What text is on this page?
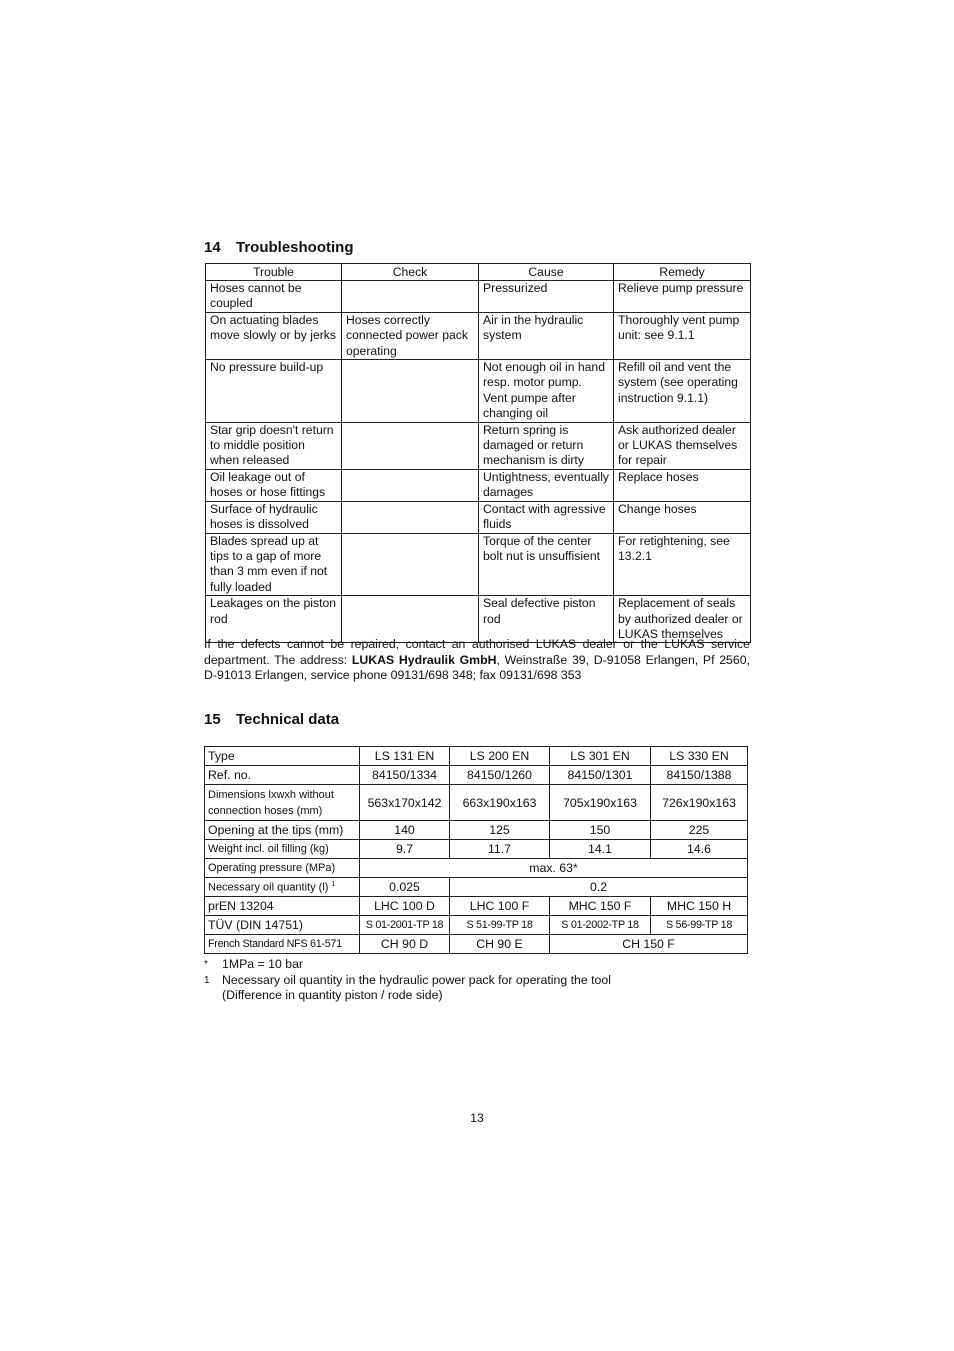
14 Troubleshooting
Trouble	Check	Cause	Remedy
Hoses cannot be coupled		Pressurized	Relieve pump pressure
On actuating blades move slowly or by jerks	Hoses correctly connected power pack operating	Air in the hydraulic system	Thoroughly vent pump unit: see 9.1.1
No pressure build-up		Not enough oil in hand resp. motor pump. Vent pumpe after changing oil	Refill oil and vent the system (see operating instruction 9.1.1)
Star grip doesn't return to middle position when released		Return spring is damaged or return mechanism is dirty	Ask authorized dealer or LUKAS themselves for repair
Oil leakage out of hoses or hose fittings		Untightness, eventually damages	Replace hoses
Surface of hydraulic hoses is dissolved		Contact with agressive fluids	Change hoses
Blades spread up at tips to a gap of more than 3 mm even if not fully loaded		Torque of the center bolt nut is unsuffisient	For retightening, see 13.2.1
Leakages on the piston rod		Seal defective piston rod	Replacement of seals by authorized dealer or LUKAS themselves
If the defects cannot be repaired, contact an authorised LUKAS dealer or the LUKAS service department. The address: LUKAS Hydraulik GmbH, Weinstraße 39, D-91058 Erlangen, Pf 2560, D-91013 Erlangen, service phone 09131/698 348; fax 09131/698 353
15 Technical data
Type	LS 131 EN	LS 200 EN	LS 301 EN	LS 330 EN
Ref. no.	84150/1334	84150/1260	84150/1301	84150/1388
Dimensions lxwxh without
connection hoses (mm)	563x170x142	663x190x163	705x190x163	726x190x163
Opening at the tips (mm)	140	125	150	225
Weight incl. oil filling (kg)	9.7	11.7	14.1	14.6
Operating pressure (MPa)	max. 63*			
Necessary oil quantity (l) $^1$	0.025	0.2		
prEN 13204	LHC 100 D	LHC 100 F	MHC 150 F	MHC 150 H
TÜV (DIN 14751)	S 01-2001-TP 18	S 51-99-TP 18	S 01-2002-TP 18	S 56-99-TP 18
French Standard NFS 61-571	CH 90 D	CH 90 E	CH 150 F	
*	1MPa = 10 bar
1	Necessary oil quantity in the hydraulic power pack for operating the tool
(Difference in quantity piston / rode side)
13
